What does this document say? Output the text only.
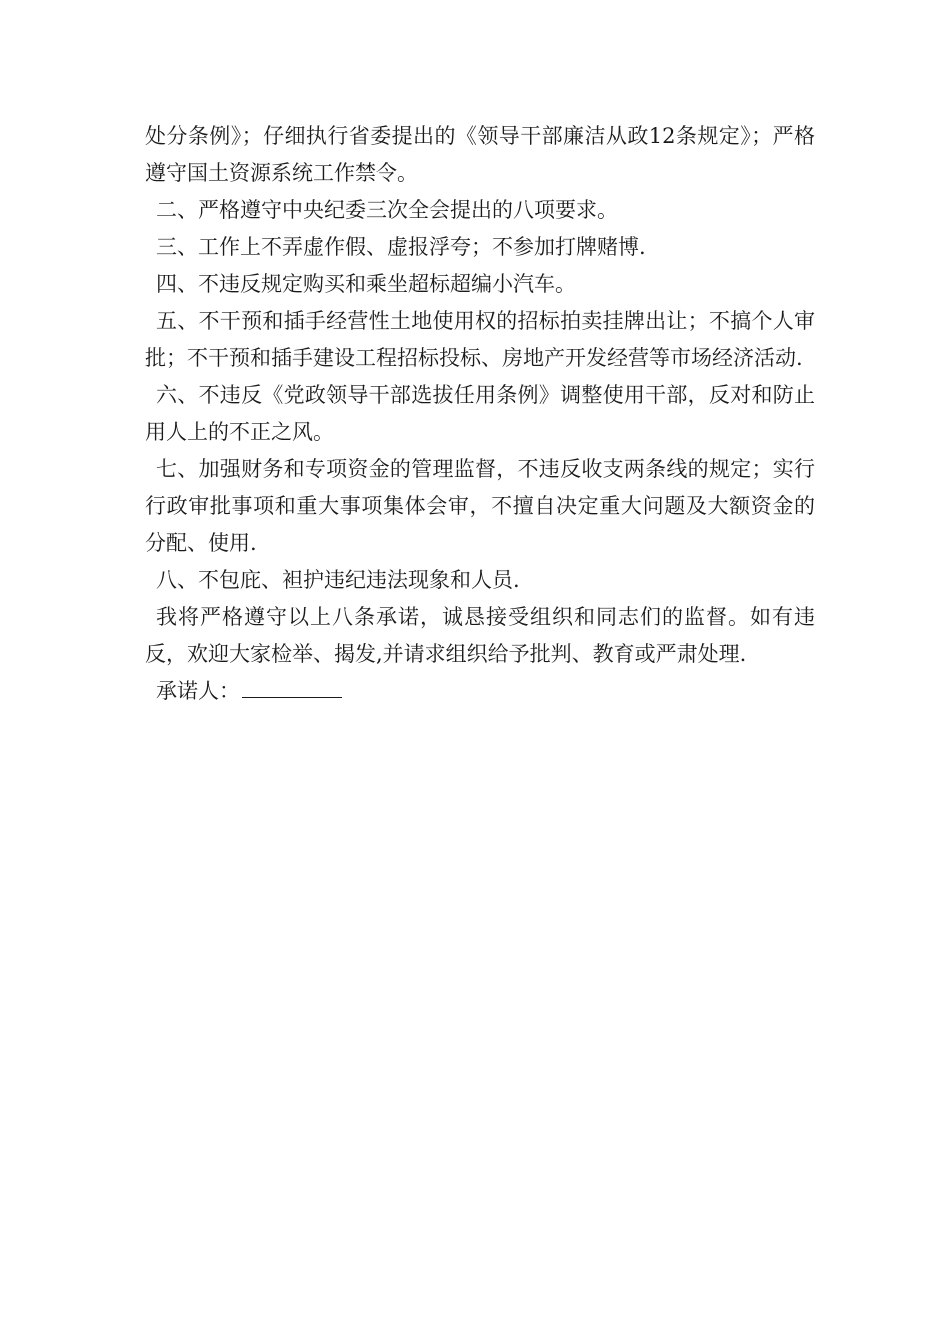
处分条例》；仔细执行省委提出的《领导干部廉洁从政12条规定》；严格遵守国土资源系统工作禁令。

二、严格遵守中央纪委三次全会提出的八项要求。

三、工作上不弄虚作假、虚报浮夸；不参加打牌赌博.

四、不违反规定购买和乘坐超标超编小汽车。

五、不干预和插手经营性土地使用权的招标拍卖挂牌出让；不搞个人审批；不干预和插手建设工程招标投标、房地产开发经营等市场经济活动.

六、不违反《党政领导干部选拔任用条例》调整使用干部，反对和防止用人上的不正之风。

七、加强财务和专项资金的管理监督，不违反收支两条线的规定；实行行政审批事项和重大事项集体会审，不擅自决定重大问题及大额资金的分配、使用.

八、不包庇、袒护违纪违法现象和人员.

我将严格遵守以上八条承诺，诚恳接受组织和同志们的监督。如有违反，欢迎大家检举、揭发,并请求组织给予批判、教育或严肃处理.

承诺人：
